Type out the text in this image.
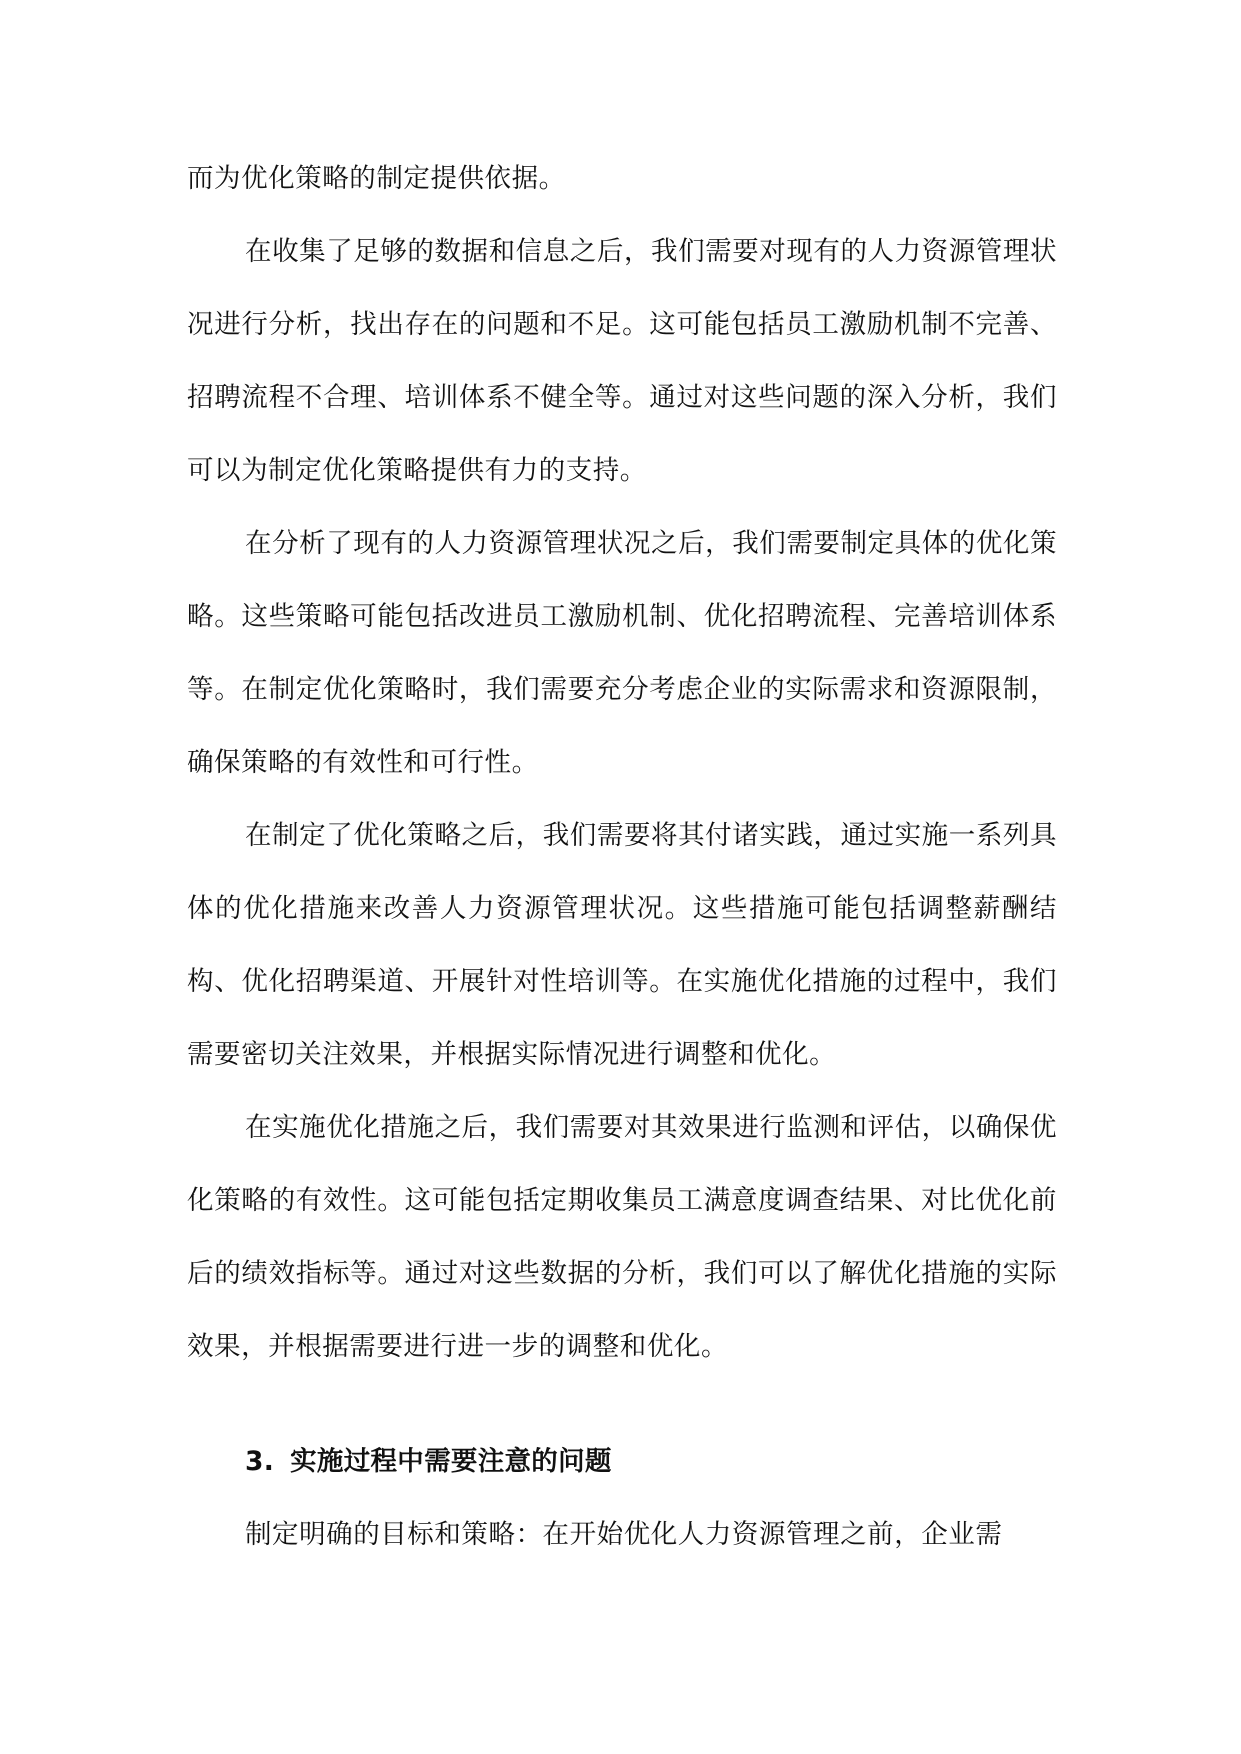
而为优化策略的制定提供依据。

在收集了足够的数据和信息之后，我们需要对现有的人力资源管理状况进行分析，找出存在的问题和不足。这可能包括员工激励机制不完善、招聘流程不合理、培训体系不健全等。通过对这些问题的深入分析，我们可以为制定优化策略提供有力的支持。

在分析了现有的人力资源管理状况之后，我们需要制定具体的优化策略。这些策略可能包括改进员工激励机制、优化招聘流程、完善培训体系等。在制定优化策略时，我们需要充分考虑企业的实际需求和资源限制，确保策略的有效性和可行性。

在制定了优化策略之后，我们需要将其付诸实践，通过实施一系列具体的优化措施来改善人力资源管理状况。这些措施可能包括调整薪酬结构、优化招聘渠道、开展针对性培训等。在实施优化措施的过程中，我们需要密切关注效果，并根据实际情况进行调整和优化。

在实施优化措施之后，我们需要对其效果进行监测和评估，以确保优化策略的有效性。这可能包括定期收集员工满意度调查结果、对比优化前后的绩效指标等。通过对这些数据的分析，我们可以了解优化措施的实际效果，并根据需要进行进一步的调整和优化。

3. 实施过程中需要注意的问题

制定明确的目标和策略：在开始优化人力资源管理之前，企业需
